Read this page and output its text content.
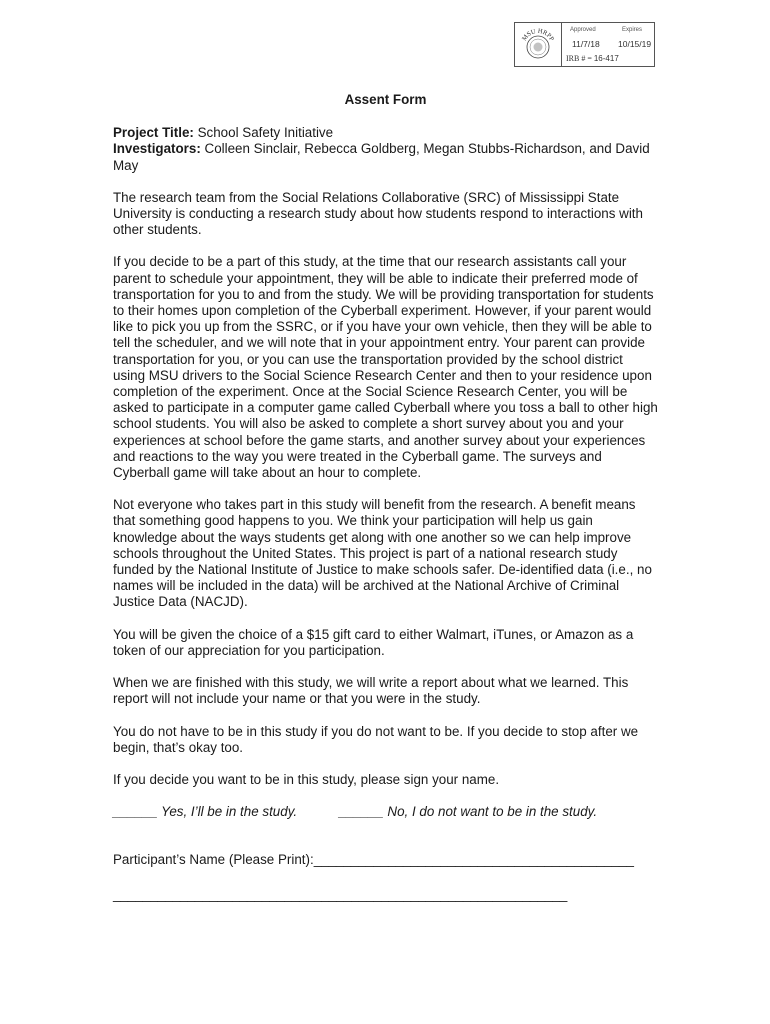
MSU HRPP
Approved	Expires
11/7/18 10/15/19
IRB # = 16-417

Assent Form

Project Title: School Safety Initiative

Investigators: Colleen Sinclair, Rebecca Goldberg, Megan Stubbs-Richardson, and David May

The research team from the Social Relations Collaborative (SRC) of Mississippi State University is conducting a research study about how students respond to interactions with other students.

If you decide to be a part of this study, at the time that our research assistants call your parent to schedule your appointment, they will be able to indicate their preferred mode of transportation for you to and from the study. We will be providing transportation for students to their homes upon completion of the Cyberball experiment. However, if your parent would like to pick you up from the SSRC, or if you have your own vehicle, then they will be able to tell the scheduler, and we will note that in your appointment entry. Your parent can provide transportation for you, or you can use the transportation provided by the school district using MSU drivers to the Social Science Research Center and then to your residence upon completion of the experiment. Once at the Social Science Research Center, you will be asked to participate in a computer game called Cyberball where you toss a ball to other high school students. You will also be asked to complete a short survey about you and your experiences at school before the game starts, and another survey about your experiences and reactions to the way you were treated in the Cyberball game. The surveys and Cyberball game will take about an hour to complete.

Not everyone who takes part in this study will benefit from the research. A benefit means that something good happens to you. We think your participation will help us gain knowledge about the ways students get along with one another so we can help improve schools throughout the United States. This project is part of a national research study funded by the National Institute of Justice to make schools safer. De-identified data (i.e., no names will be included in the data) will be archived at the National Archive of Criminal Justice Data (NACJD).

You will be given the choice of a $15 gift card to either Walmart, iTunes, or Amazon as a token of our appreciation for you participation.

When we are finished with this study, we will write a report about what we learned. This report will not include your name or that you were in the study.

You do not have to be in this study if you do not want to be. If you decide to stop after we begin, that’s okay too.

If you decide you want to be in this study, please sign your name.

______ Yes, I’ll be in the study.	______ No, I do not want to be in the study.

Participant’s Name (Please Print):___________________________________________

_____________________________________________________________
